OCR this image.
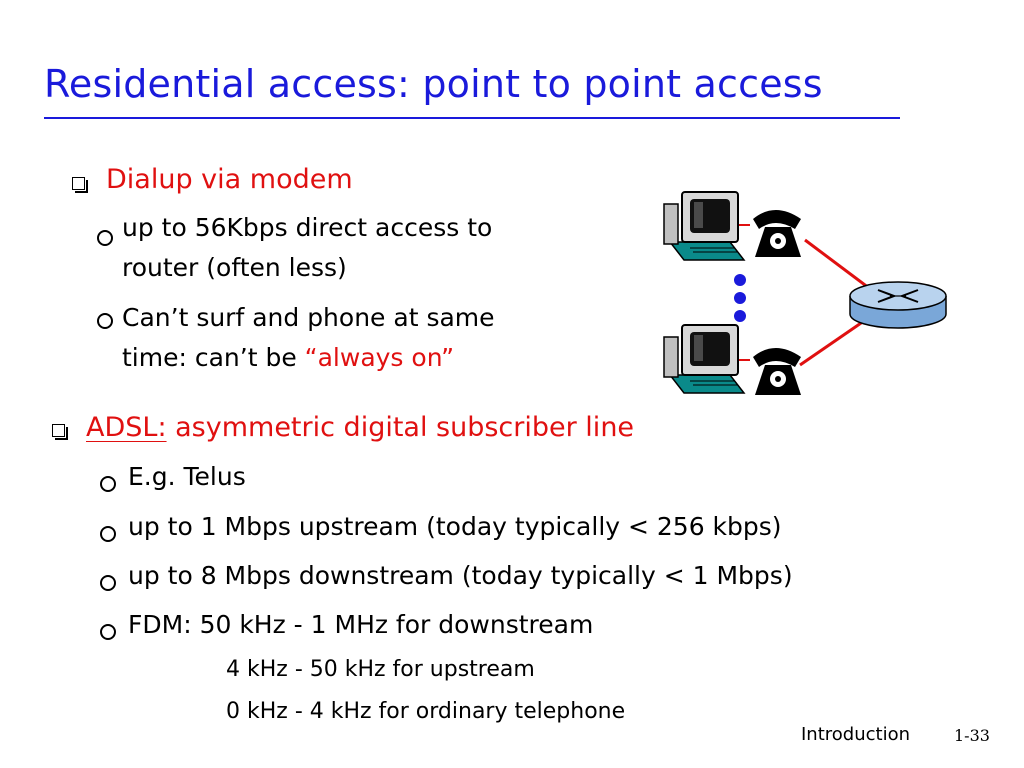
Residential access: point to point access
Dialup via modem
up to 56Kbps direct access to
router (often less)
Can’t surf and phone at same
time: can’t be “always on”
ADSL: asymmetric digital subscriber line
E.g. Telus
up to 1 Mbps upstream (today typically < 256 kbps)
up to 8 Mbps downstream (today typically < 1 Mbps)
FDM: 50 kHz - 1 MHz for downstream
4 kHz - 50 kHz for upstream
0 kHz - 4 kHz for ordinary telephone
Introduction	1-33
